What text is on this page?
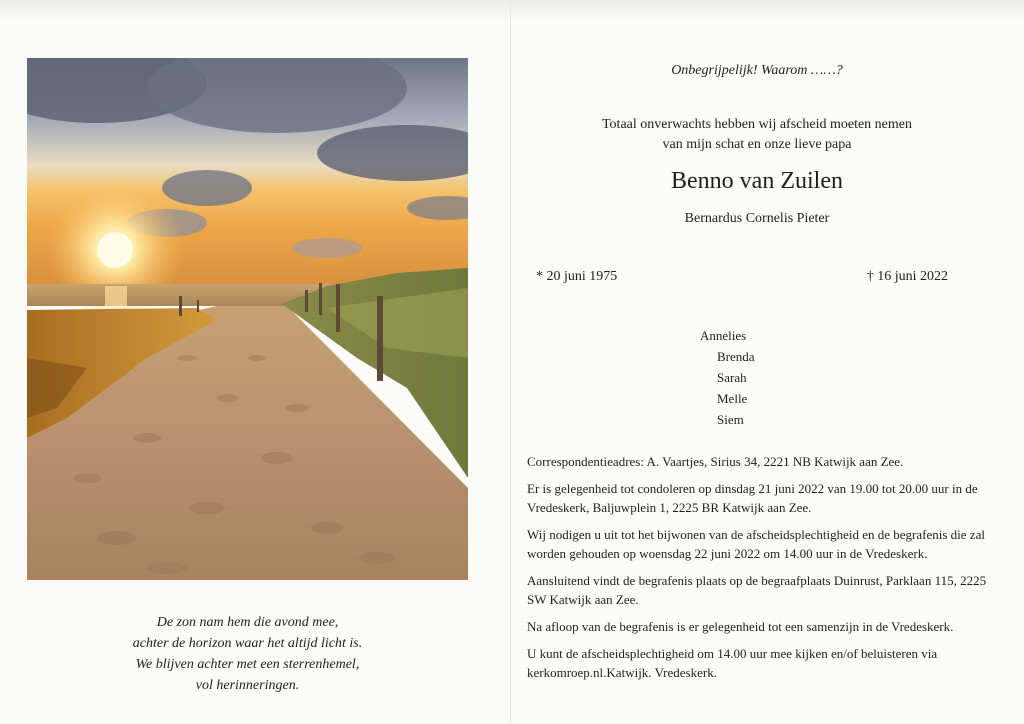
De zon nam hem die avond mee,
achter de horizon waar het altijd licht is.
We blijven achter met een sterrenhemel,
vol herinneringen.
Onbegrijpelijk! Waarom ……?
Totaal onverwachts hebben wij afscheid moeten nemen
van mijn schat en onze lieve papa
Benno van Zuilen
Bernardus Cornelis Pieter
* 20 juni 1975	† 16 juni 2022
Annelies
Brenda
Sarah
Melle
Siem

Correspondentieadres: A. Vaartjes, Sirius 34, 2221 NB Katwijk aan Zee.

Er is gelegenheid tot condoleren op dinsdag 21 juni 2022 van 19.00 tot 20.00 uur in de Vredeskerk, Baljuwplein 1, 2225 BR Katwijk aan Zee.

Wij nodigen u uit tot het bijwonen van de afscheidsplechtigheid en de begrafenis die zal worden gehouden op woensdag 22 juni 2022 om 14.00 uur in de Vredeskerk.

Aansluitend vindt de begrafenis plaats op de begraafplaats Duinrust, Parklaan 115, 2225 SW Katwijk aan Zee.

Na afloop van de begrafenis is er gelegenheid tot een samenzijn in de Vredeskerk.

U kunt de afscheidsplechtigheid om 14.00 uur mee kijken en/of beluisteren via kerkomroep.nl.Katwijk. Vredeskerk.
